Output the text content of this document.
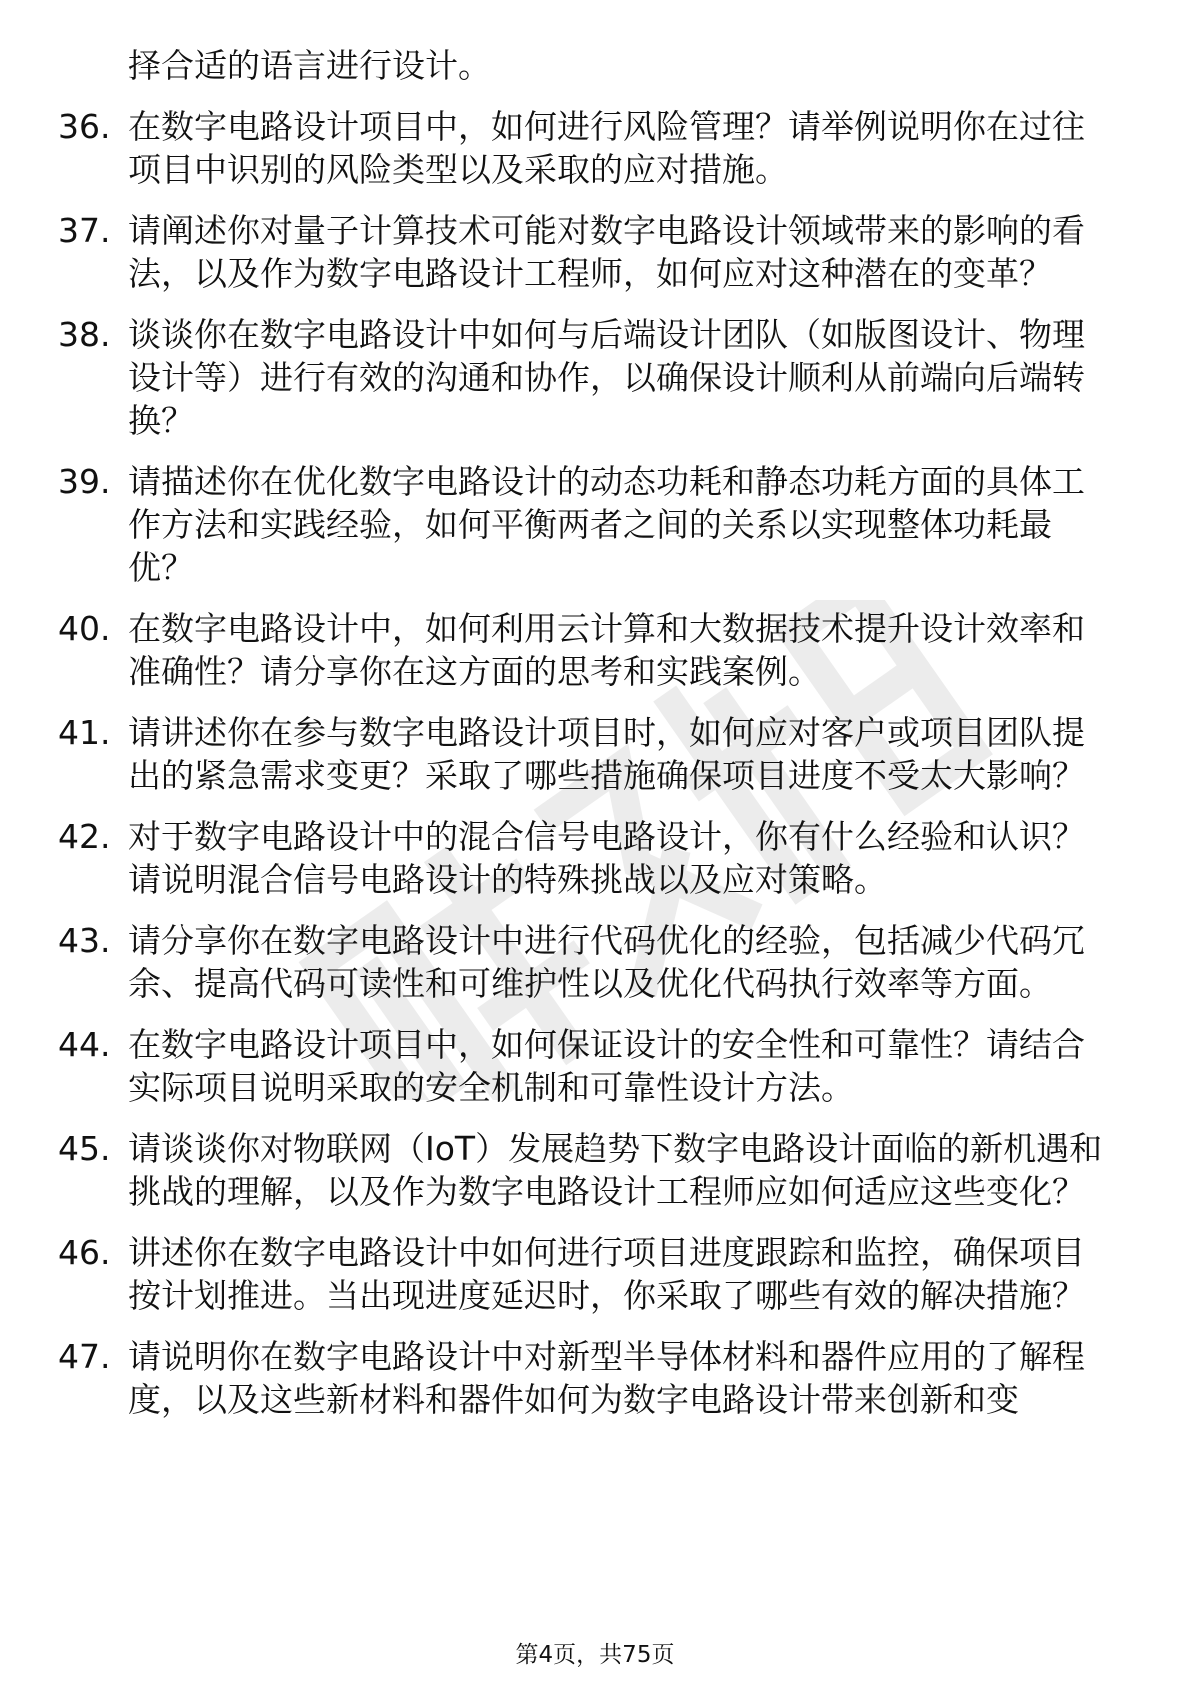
择合适的语言进行设计。
36. 在数字电路设计项目中，如何进行风险管理？请举例说明你在过往项目中识别的风险类型以及采取的应对措施。
37. 请阐述你对量子计算技术可能对数字电路设计领域带来的影响的看法，以及作为数字电路设计工程师，如何应对这种潜在的变革？
38. 谈谈你在数字电路设计中如何与后端设计团队（如版图设计、物理设计等）进行有效的沟通和协作，以确保设计顺利从前端向后端转换？
39. 请描述你在优化数字电路设计的动态功耗和静态功耗方面的具体工作方法和实践经验，如何平衡两者之间的关系以实现整体功耗最优？
40. 在数字电路设计中，如何利用云计算和大数据技术提升设计效率和准确性？请分享你在这方面的思考和实践案例。
41. 请讲述你在参与数字电路设计项目时，如何应对客户或项目团队提出的紧急需求变更？采取了哪些措施确保项目进度不受太大影响？
42. 对于数字电路设计中的混合信号电路设计，你有什么经验和认识？请说明混合信号电路设计的特殊挑战以及应对策略。
43. 请分享你在数字电路设计中进行代码优化的经验，包括减少代码冗余、提高代码可读性和可维护性以及优化代码执行效率等方面。
44. 在数字电路设计项目中，如何保证设计的安全性和可靠性？请结合实际项目说明采取的安全机制和可靠性设计方法。
45. 请谈谈你对物联网（IoT）发展趋势下数字电路设计面临的新机遇和挑战的理解，以及作为数字电路设计工程师应如何适应这些变化？
46. 讲述你在数字电路设计中如何进行项目进度跟踪和监控，确保项目按计划推进。当出现进度延迟时，你采取了哪些有效的解决措施？
47. 请说明你在数字电路设计中对新型半导体材料和器件应用的了解程度，以及这些新材料和器件如何为数字电路设计带来创新和变
第4页，共75页
